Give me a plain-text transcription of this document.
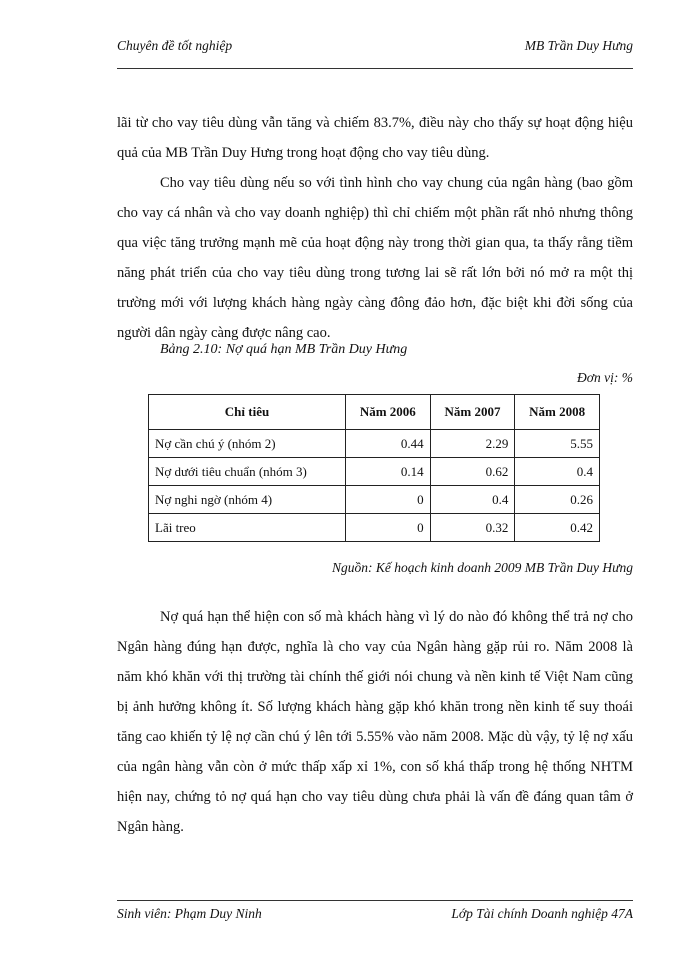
Chuyên đề tốt nghiệp	MB Trần Duy Hưng

lãi từ cho vay tiêu dùng vẫn tăng và chiếm 83.7%, điều này cho thấy sự hoạt động hiệu quả của MB Trần Duy Hưng trong hoạt động cho vay tiêu dùng.

Cho vay tiêu dùng nếu so với tình hình cho vay chung của ngân hàng (bao gồm cho vay cá nhân và cho vay doanh nghiệp) thì chỉ chiếm một phần rất nhỏ nhưng thông qua việc tăng trưởng mạnh mẽ của hoạt động này trong thời gian qua, ta thấy rằng tiềm năng phát triển của cho vay tiêu dùng trong tương lai sẽ rất lớn bởi nó mở ra một thị trường mới với lượng khách hàng ngày càng đông đảo hơn, đặc biệt khi đời sống của người dân ngày càng được nâng cao.

Bảng 2.10: Nợ quá hạn MB Trần Duy Hưng
Đơn vị: %
Chỉ tiêu	Năm 2006	Năm 2007	Năm 2008
Nợ cần chú ý (nhóm 2)	0.44	2.29	5.55
Nợ dưới tiêu chuẩn (nhóm 3)	0.14	0.62	0.4
Nợ nghi ngờ (nhóm 4)	0	0.4	0.26
Lãi treo	0	0.32	0.42
Nguồn: Kế hoạch kinh doanh 2009 MB Trần Duy Hưng

Nợ quá hạn thể hiện con số mà khách hàng vì lý do nào đó không thể trả nợ cho Ngân hàng đúng hạn được, nghĩa là cho vay của Ngân hàng gặp rủi ro. Năm 2008 là năm khó khăn với thị trường tài chính thế giới nói chung và nền kinh tế Việt Nam cũng bị ảnh hưởng không ít. Số lượng khách hàng gặp khó khăn trong nền kinh tế suy thoái tăng cao khiến tỷ lệ nợ cần chú ý lên tới 5.55% vào năm 2008. Mặc dù vậy, tỷ lệ nợ xấu của ngân hàng vẫn còn ở mức thấp xấp xỉ 1%, con số khá thấp trong hệ thống NHTM hiện nay, chứng tỏ nợ quá hạn cho vay tiêu dùng chưa phải là vấn đề đáng quan tâm ở Ngân hàng.

Sinh viên: Phạm Duy Ninh	Lớp Tài chính Doanh nghiệp 47A
